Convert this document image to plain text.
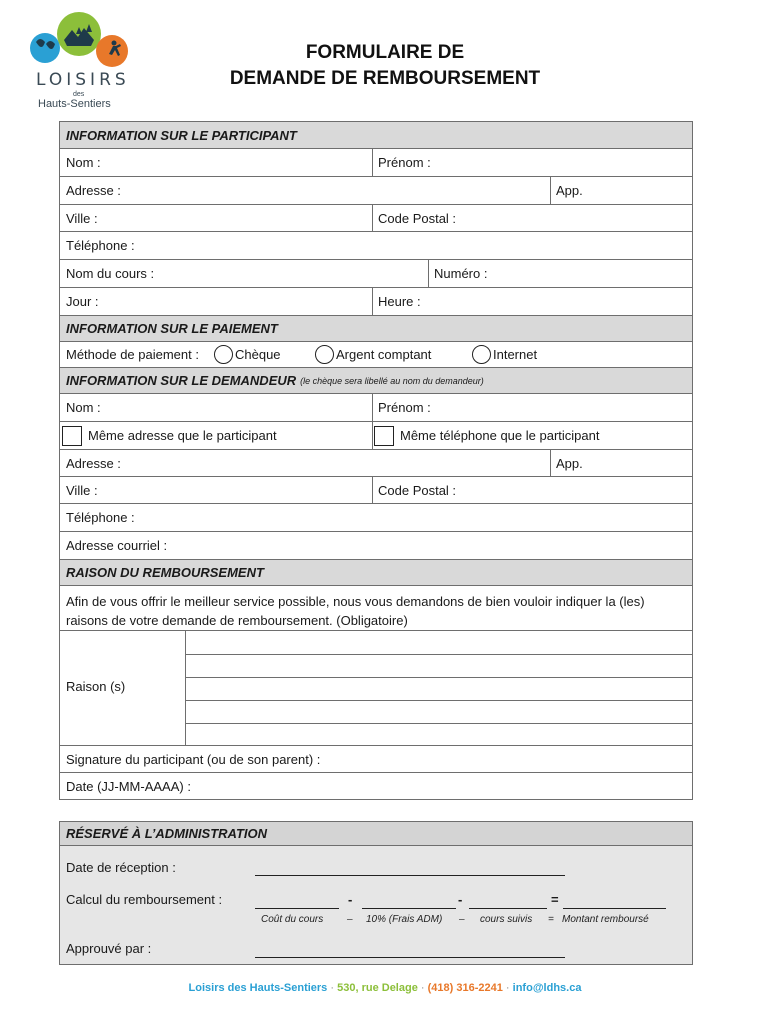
LOISIRS
des
Hauts-Sentiers
FORMULAIRE DE
DEMANDE DE REMBOURSEMENT
INFORMATION SUR LE PARTICIPANT
Nom :	Prénom :
Adresse :	App.
Ville :	Code Postal :
Téléphone :
Nom du cours :	Numéro :
Jour :	Heure :
INFORMATION SUR LE PAIEMENT
Méthode de paiement :	Chèque	Argent comptant	Internet
INFORMATION SUR LE DEMANDEUR (le chèque sera libellé au nom du demandeur)
Nom :	Prénom :
Même adresse que le participant	Même téléphone que le participant
Adresse :	App.
Ville :	Code Postal :
Téléphone :
Adresse courriel :
RAISON DU REMBOURSEMENT
Afin de vous offrir le meilleur service possible, nous vous demandons de bien vouloir indiquer la (les)
raisons de votre demande de remboursement. (Obligatoire)
Raison (s)
Signature du participant (ou de son parent) :
Date (JJ-MM-AAAA) :
RÉSERVÉ À L’ADMINISTRATION
Date de réception :
Calcul du remboursement :	-	-	=
Coût du cours – 10% (Frais ADM) – cours suivis = Montant remboursé
Approuvé par :
Loisirs des Hauts-Sentiers · 530, rue Delage · (418) 316-2241 · info@ldhs.ca
